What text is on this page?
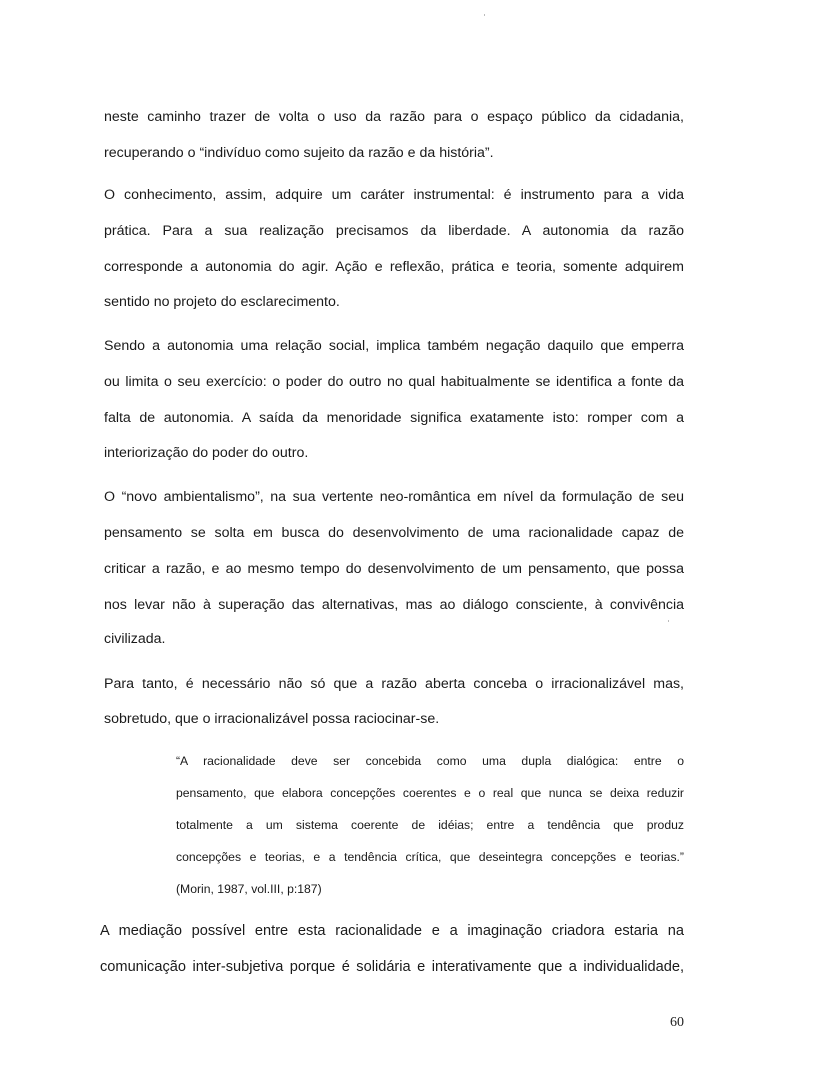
neste caminho trazer de volta o uso da razão para o espaço público da cidadania,
recuperando o “indivíduo como sujeito da razão e da história”.
O conhecimento, assim, adquire um caráter instrumental: é instrumento para a vida
prática. Para a sua realização precisamos da liberdade. A autonomia da razão
corresponde a autonomia do agir. Ação e reflexão, prática e teoria, somente adquirem
sentido no projeto do esclarecimento.
Sendo a autonomia uma relação social, implica também negação daquilo que emperra
ou limita o seu exercício: o poder do outro no qual habitualmente se identifica a fonte da
falta de autonomia. A saída da menoridade significa exatamente isto: romper com a
interiorização do poder do outro.
O “novo ambientalismo”, na sua vertente neo-romântica em nível da formulação de seu
pensamento se solta em busca do desenvolvimento de uma racionalidade capaz de
criticar a razão, e ao mesmo tempo do desenvolvimento de um pensamento, que possa
nos levar não à superação das alternativas, mas ao diálogo consciente, à convivência
civilizada.
Para tanto, é necessário não só que a razão aberta conceba o irracionalizável mas,
sobretudo, que o irracionalizável possa raciocinar-se.
“A racionalidade deve ser concebida como uma dupla dialógica: entre o
pensamento, que elabora concepções coerentes e o real que nunca se deixa reduzir
totalmente a um sistema coerente de idéias; entre a tendência que produz
concepções e teorias, e a tendência crítica, que deseintegra concepções e teorias.”
(Morin, 1987, vol.III, p:187)
A mediação possível entre esta racionalidade e a imaginação criadora estaria na
comunicação inter-subjetiva porque é solidária e interativamente que a individualidade,
60
